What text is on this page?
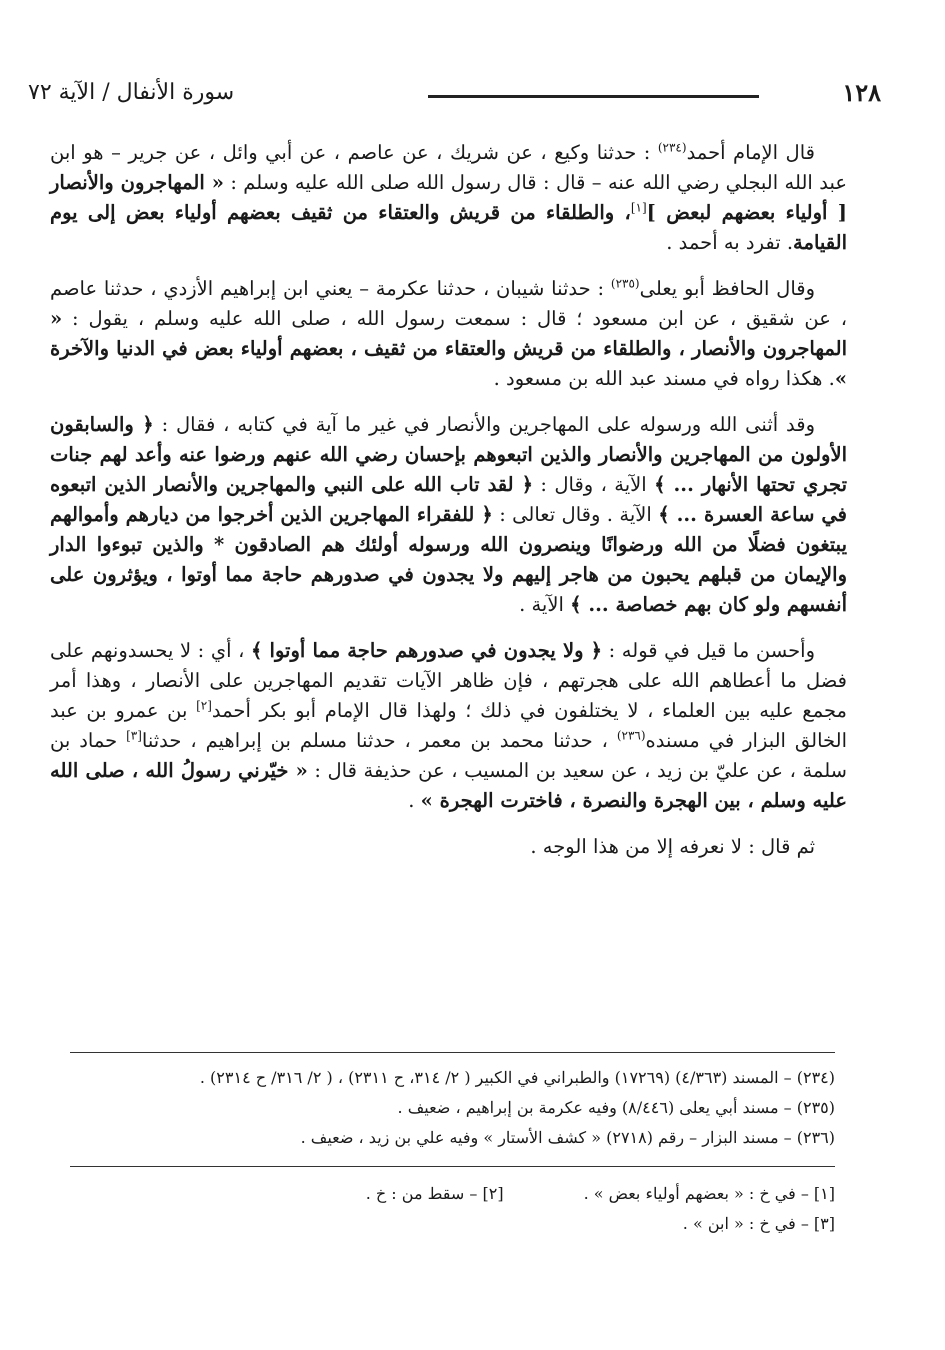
سورة الأنفال / الآية ٧٢	١٢٨

قال الإمام أحمد$^{(٢٣٤)}$ : حدثنا وكيع ، عن شريك ، عن عاصم ، عن أبي وائل ، عن جرير – هو ابن عبد الله البجلي رضي الله عنه – قال : قال رسول الله صلى الله عليه وسلم : « المهاجرون والأنصار [ أولياء بعضهم لبعض ][١]، والطلقاء من قريش والعتقاء من ثقيف بعضهم أولياء بعض إلى يوم القيامة. تفرد به أحمد .

وقال الحافظ أبو يعلى$^{(٢٣٥)}$ : حدثنا شيبان ، حدثنا عكرمة – يعني ابن إبراهيم الأزدي ، حدثنا عاصم ، عن شقيق ، عن ابن مسعود ؛ قال : سمعت رسول الله ، صلى الله عليه وسلم ، يقول : « المهاجرون والأنصار ، والطلقاء من قريش والعتقاء من ثقيف ، بعضهم أولياء بعض في الدنيا والآخرة ». هكذا رواه في مسند عبد الله بن مسعود .

وقد أثنى الله ورسوله على المهاجرين والأنصار في غير ما آية في كتابه ، فقال : ﴿ والسابقون الأولون من المهاجرين والأنصار والذين اتبعوهم بإحسان رضي الله عنهم ورضوا عنه وأعد لهم جنات تجري تحتها الأنهار ... ﴾ الآية ، وقال : ﴿ لقد تاب الله على النبي والمهاجرين والأنصار الذين اتبعوه في ساعة العسرة ... ﴾ الآية . وقال تعالى : ﴿ للفقراء المهاجرين الذين أخرجوا من ديارهم وأموالهم يبتغون فضلًا من الله ورضوانًا وينصرون الله ورسوله أولئك هم الصادقون * والذين تبوءوا الدار والإيمان من قبلهم يحبون من هاجر إليهم ولا يجدون في صدورهم حاجة مما أوتوا ، ويؤثرون على أنفسهم ولو كان بهم خصاصة ... ﴾ الآية .

وأحسن ما قيل في قوله : ﴿ ولا يجدون في صدورهم حاجة مما أوتوا ﴾ ، أي : لا يحسدونهم على فضل ما أعطاهم الله على هجرتهم ، فإن ظاهر الآيات تقديم المهاجرين على الأنصار ، وهذا أمر مجمع عليه بين العلماء ، لا يختلفون في ذلك ؛ ولهذا قال الإمام أبو بكر أحمد[٢] بن عمرو بن عبد الخالق البزار في مسنده$^{(٢٣٦)}$ ، حدثنا محمد بن معمر ، حدثنا مسلم بن إبراهيم ، حدثنا[٣] حماد بن سلمة ، عن عليّ بن زيد ، عن سعيد بن المسيب ، عن حذيفة قال : « خيّرني رسولُ الله ، صلى الله عليه وسلم ، بين الهجرة والنصرة ، فاخترت الهجرة » .

ثم قال : لا نعرفه إلا من هذا الوجه .

(٢٣٤) – المسند (٤/٣٦٣) (١٧٢٦٩) والطبراني في الكبير ( ٢/ ٣١٤، ح ٢٣١١) ، ( ٢/ ٣١٦/ ح ٢٣١٤) .
(٢٣٥) – مسند أبي يعلى (٨/٤٤٦) وفيه عكرمة بن إبراهيم ، ضعيف .
(٢٣٦) – مسند البزار – رقم (٢٧١٨) « كشف الأستار » وفيه علي بن زيد ، ضعيف .
[١] – في خ : « بعضهم أولياء بعض » .
[٢] – سقط من : خ .
[٣] – في خ : « ابن » .
